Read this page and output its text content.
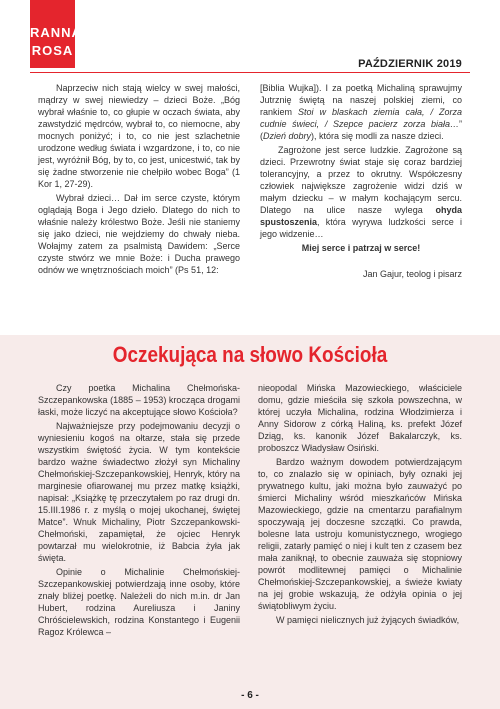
RANNA
ROSA
PAŹDZIERNIK 2019

Naprzeciw nich stają wielcy w swej małości, mądrzy w swej niewiedzy – dzieci Boże. „Bóg wybrał właśnie to, co głupie w oczach świata, aby zawstydzić mędrców, wybrał to, co niemocne, aby mocnych poniżyć; i to, co nie jest szlachetnie urodzone według świata i wzgardzone, i to, co nie jest, wyróżnił Bóg, by to, co jest, unicestwić, tak by się żadne stworzenie nie chełpiło wobec Boga” (1 Kor 1, 27-29).

Wybrał dzieci… Dał im serce czyste, którym oglądają Boga i Jego dzieło. Dlatego do nich to właśnie należy królestwo Boże. Jeśli nie staniemy się jako dzieci, nie wejdziemy do chwały nieba. Wołajmy zatem za psalmistą Dawidem: „Serce czyste stwórz we mnie Boże: i Ducha prawego odnów we wnętrznościach moich” (Ps 51, 12:

[Biblia Wujka]). I za poetką Michaliną sprawujmy Jutrznię świętą na naszej polskiej ziemi, co rankiem Stoi w blaskach ziemia cała, / Zorza cudnie świeci, / Szepce pacierz zorza biała…” (Dzień dobry), która się modli za nasze dzieci.

Zagrożone jest serce ludzkie. Zagrożone są dzieci. Przewrotny świat staje się coraz bardziej tolerancyjny, a przez to okrutny. Współczesny człowiek największe zagrożenie widzi dziś w małym dziecku – w małym kochającym sercu. Dlatego na ulice nasze wylega ohyda spustoszenia, która wyrywa ludzkości serce i jego widzenie…

Miej serce i patrzaj w serce!

Jan Gajur, teolog i pisarz

Oczekująca na słowo Kościoła

Czy poetka Michalina Chełmońska-Szczepankowska (1885 – 1953) krocząca drogami łaski, może liczyć na akceptujące słowo Kościoła?

Najważniejsze przy podejmowaniu decyzji o wyniesieniu kogoś na ołtarze, stała się przede wszystkim świętość życia. W tym kontekście bardzo ważne świadectwo złożył syn Michaliny Chełmońskiej-Szczepankowskiej, Henryk, który na marginesie ofiarowanej mu przez matkę książki, napisał: „Książkę tę przeczytałem po raz drugi dn. 15.III.1986 r. z myślą o mojej ukochanej, świętej Matce”. Wnuk Michaliny, Piotr Szczepankowski-Chełmoński, zapamiętał, że ojciec Henryk powtarzał mu wielokrotnie, iż Babcia żyła jak święta.

Opinie o Michalinie Chełmońskiej-Szczepankowskiej potwierdzają inne osoby, które znały bliżej poetkę. Należeli do nich m.in. dr Jan Hubert, rodzina Aureliusza i Janiny Chróścielewskich, rodzina Konstantego i Eugenii Ragoz Królewca –

nieopodal Mińska Mazowieckiego, właściciele domu, gdzie mieściła się szkoła powszechna, w której uczyła Michalina, rodzina Włodzimierza i Anny Sidorow z córką Haliną, ks. prefekt Józef Dziąg, ks. kanonik Józef Bakalarczyk, ks. proboszcz Władysław Osiński.

Bardzo ważnym dowodem potwierdzającym to, co znalazło się w opiniach, były oznaki jej prywatnego kultu, jaki można było zauważyć po śmierci Michaliny wśród mieszkańców Mińska Mazowieckiego, gdzie na cmentarzu parafialnym spoczywają jej doczesne szczątki. Co prawda, bolesne lata ustroju komunistycznego, wrogiego religii, zatarły pamięć o niej i kult ten z czasem bez mała zaniknął, to obecnie zauważa się stopniowy powrót modlitewnej pamięci o Michalinie Chełmońskiej-Szczepankowskiej, a świeże kwiaty na jej grobie wskazują, że odżyła opinia o jej świątobliwym życiu.

W pamięci nielicznych już żyjących świadków,

- 6 -
